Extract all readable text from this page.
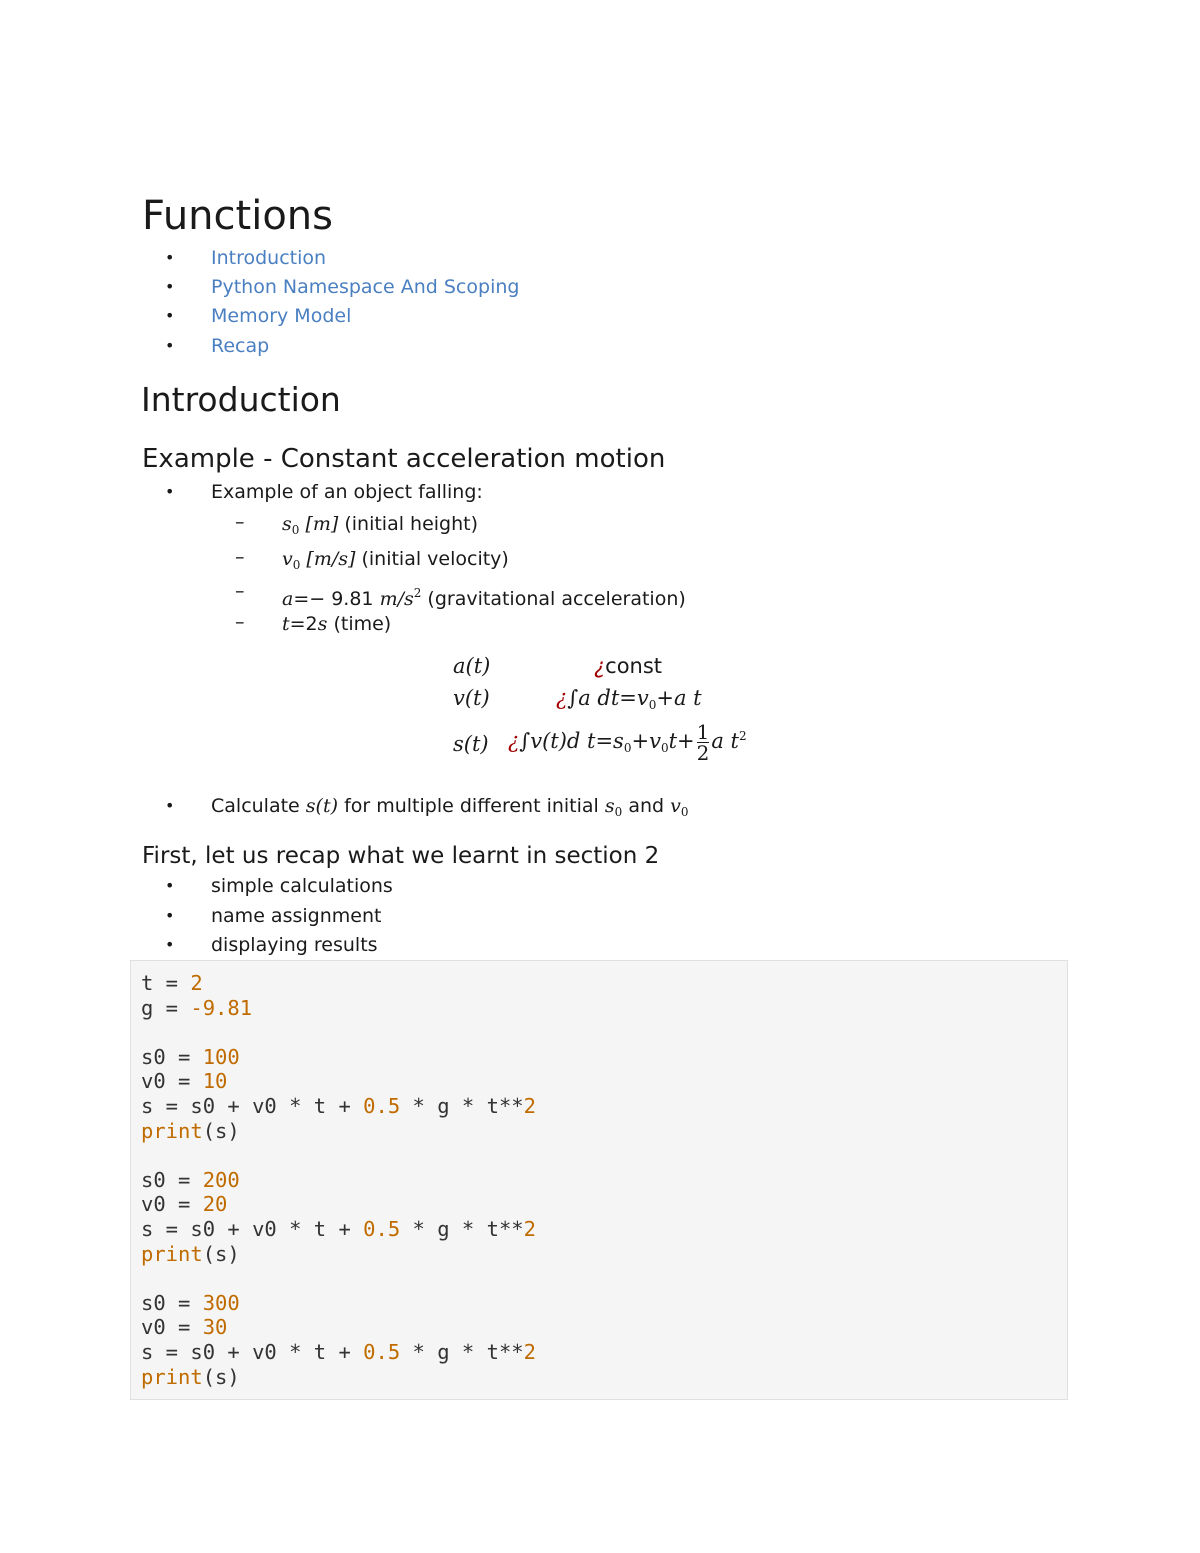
Functions
• Introduction
• Python Namespace And Scoping
• Memory Model
• Recap
Introduction
Example - Constant acceleration motion
• Example of an object falling:
– $s_0$ [m] (initial height)
– $v_0$ [m/s] (initial velocity)
– a=− 9.81 $m/s^2$ (gravitational acceleration)
– t=2s (time)
a(t)	¿const
v(t)	¿∫a $dt=v_0+a$ t
s(t) ¿∫v(t)d $t=s_0+v_0t+ \frac{1}{2}$ a $t^2$
• Calculate s(t) for multiple different initial $s_0$ and $v_0$
First, let us recap what we learnt in section 2
• simple calculations
• name assignment
• displaying results
t = 2
g = -9.81

s0 = 100
v0 = 10
s = s0 + v0 * t + 0.5 * g * t**2
print(s)

s0 = 200
v0 = 20
s = s0 + v0 * t + 0.5 * g * t**2
print(s)

s0 = 300
v0 = 30
s = s0 + v0 * t + 0.5 * g * t**2
print(s)
